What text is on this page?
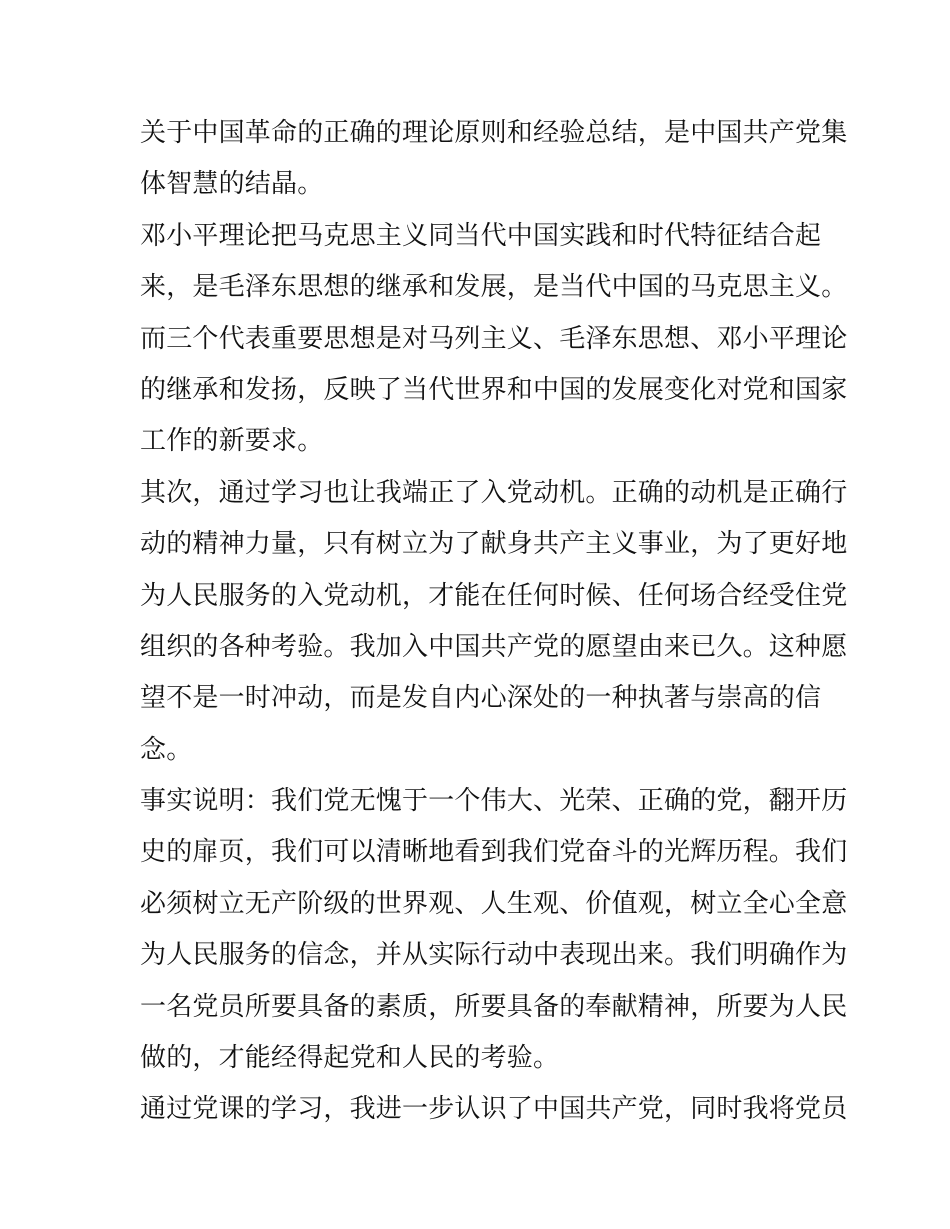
关于中国革命的正确的理论原则和经验总结，是中国共产党集
体智慧的结晶。
邓小平理论把马克思主义同当代中国实践和时代特征结合起
来，是毛泽东思想的继承和发展，是当代中国的马克思主义。
而三个代表重要思想是对马列主义、毛泽东思想、邓小平理论
的继承和发扬，反映了当代世界和中国的发展变化对党和国家
工作的新要求。
其次，通过学习也让我端正了入党动机。正确的动机是正确行
动的精神力量，只有树立为了献身共产主义事业，为了更好地
为人民服务的入党动机，才能在任何时候、任何场合经受住党
组织的各种考验。我加入中国共产党的愿望由来已久。这种愿
望不是一时冲动，而是发自内心深处的一种执著与崇高的信
念。
事实说明：我们党无愧于一个伟大、光荣、正确的党，翻开历
史的扉页，我们可以清晰地看到我们党奋斗的光辉历程。我们
必须树立无产阶级的世界观、人生观、价值观，树立全心全意
为人民服务的信念，并从实际行动中表现出来。我们明确作为
一名党员所要具备的素质，所要具备的奉献精神，所要为人民
做的，才能经得起党和人民的考验。
通过党课的学习，我进一步认识了中国共产党，同时我将党员
